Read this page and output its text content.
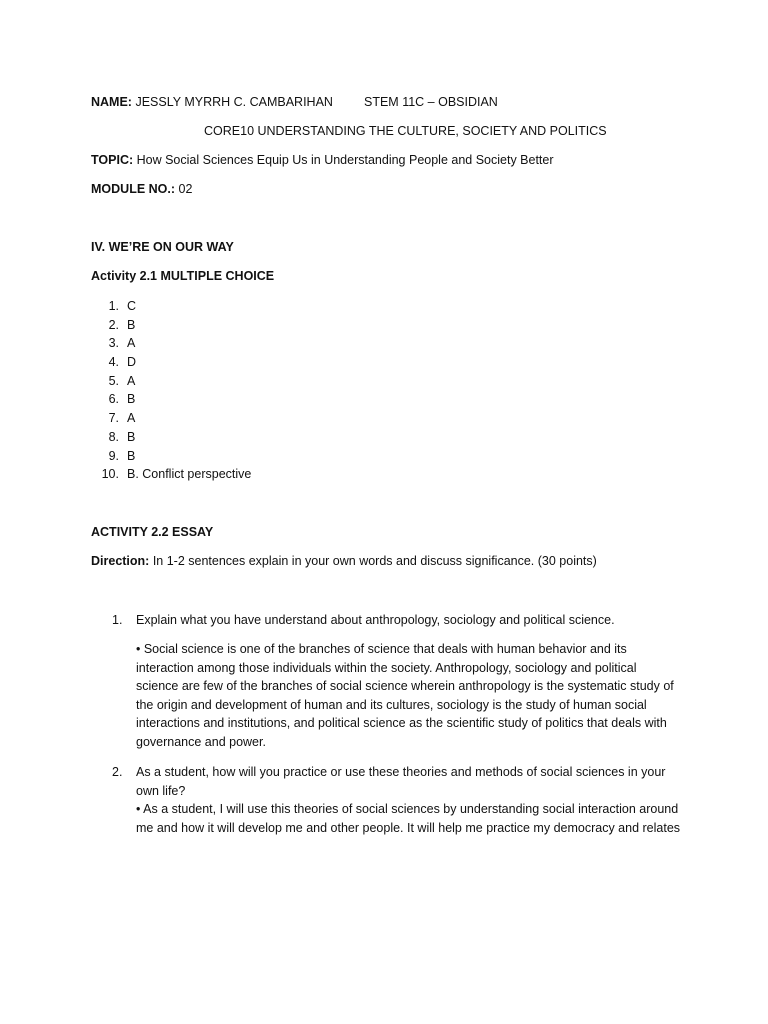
NAME: JESSLY MYRRH C. CAMBARIHAN STEM 11C – OBSIDIAN
CORE10 UNDERSTANDING THE CULTURE, SOCIETY AND POLITICS
TOPIC: How Social Sciences Equip Us in Understanding People and Society Better
MODULE NO.: 02
IV. WE’RE ON OUR WAY
Activity 2.1 MULTIPLE CHOICE
1. C
2. B
3. A
4. D
5. A
6. B
7. A
8. B
9. B
10. B. Conflict perspective
ACTIVITY 2.2 ESSAY
Direction: In 1-2 sentences explain in your own words and discuss significance. (30 points)
1.	Explain what you have understand about anthropology, sociology and political science.
• Social science is one of the branches of science that deals with human behavior and its interaction among those individuals within the society. Anthropology, sociology and political science are few of the branches of social science wherein anthropology is the systematic study of the origin and development of human and its cultures, sociology is the study of human social interactions and institutions, and political science as the scientific study of politics that deals with governance and power.
2.	As a student, how will you practice or use these theories and methods of social sciences in your own life?
• As a student, I will use this theories of social sciences by understanding social interaction around me and how it will develop me and other people. It will help me practice my democracy and relates
